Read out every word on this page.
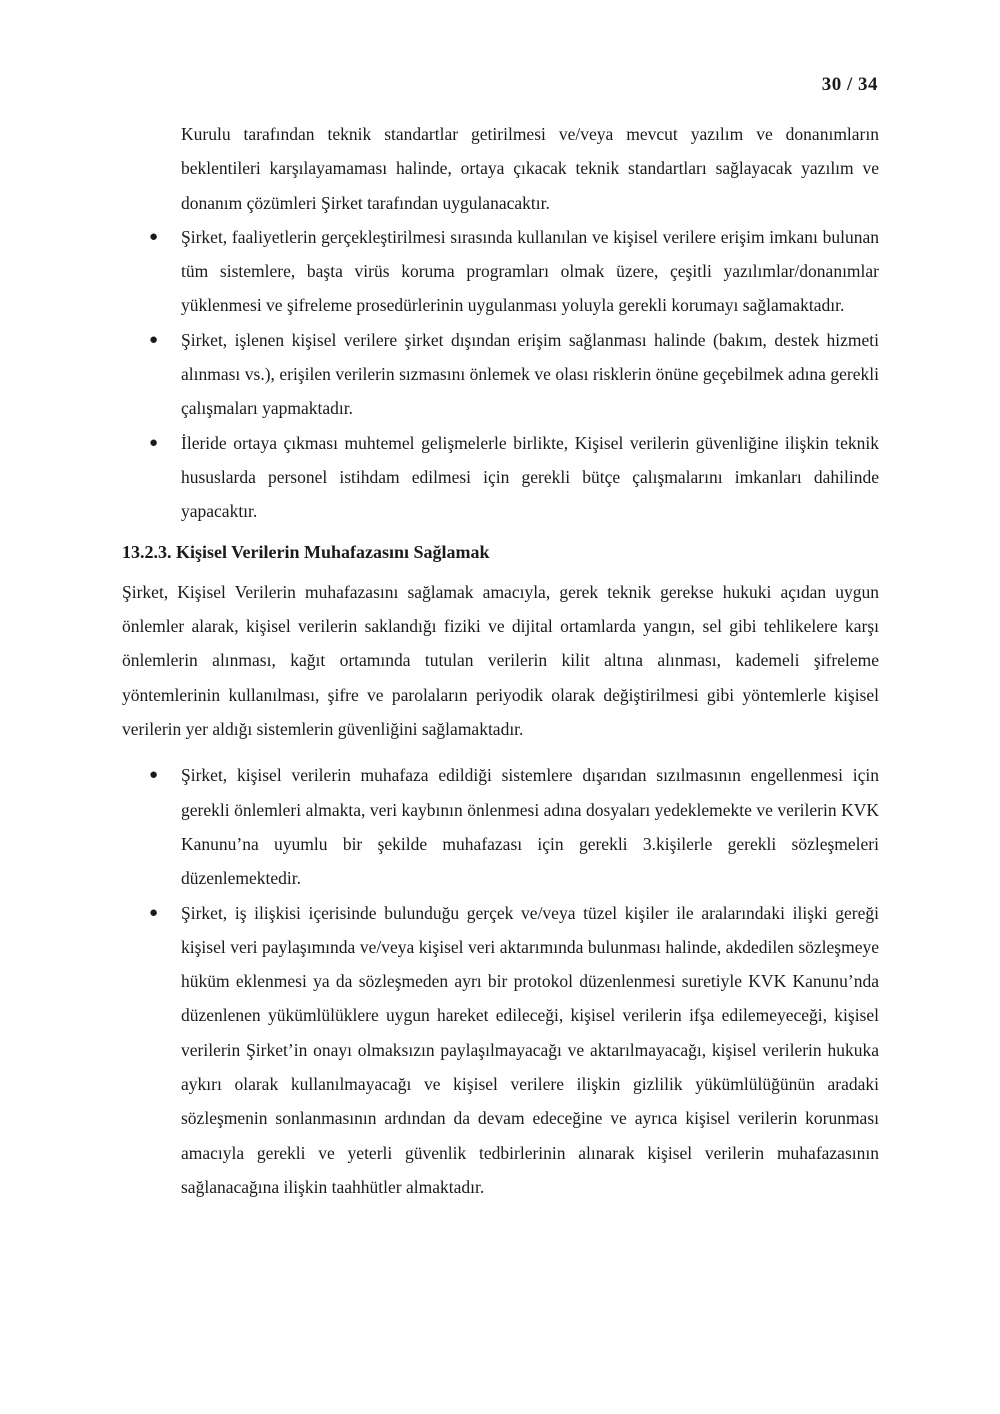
30 / 34

Kurulu tarafından teknik standartlar getirilmesi ve/veya mevcut yazılım ve donanımların beklentileri karşılayamaması halinde, ortaya çıkacak teknik standartları sağlayacak yazılım ve donanım çözümleri Şirket tarafından uygulanacaktır.

● Şirket, faaliyetlerin gerçekleştirilmesi sırasında kullanılan ve kişisel verilere erişim imkanı bulunan tüm sistemlere, başta virüs koruma programları olmak üzere, çeşitli yazılımlar/donanımlar yüklenmesi ve şifreleme prosedürlerinin uygulanması yoluyla gerekli korumayı sağlamaktadır.
● Şirket, işlenen kişisel verilere şirket dışından erişim sağlanması halinde (bakım, destek hizmeti alınması vs.), erişilen verilerin sızmasını önlemek ve olası risklerin önüne geçebilmek adına gerekli çalışmaları yapmaktadır.
● İleride ortaya çıkması muhtemel gelişmelerle birlikte, Kişisel verilerin güvenliğine ilişkin teknik hususlarda personel istihdam edilmesi için gerekli bütçe çalışmalarını imkanları dahilinde yapacaktır.
13.2.3. Kişisel Verilerin Muhafazasını Sağlamak

Şirket, Kişisel Verilerin muhafazasını sağlamak amacıyla, gerek teknik gerekse hukuki açıdan uygun önlemler alarak, kişisel verilerin saklandığı fiziki ve dijital ortamlarda yangın, sel gibi tehlikelere karşı önlemlerin alınması, kağıt ortamında tutulan verilerin kilit altına alınması, kademeli şifreleme yöntemlerinin kullanılması, şifre ve parolaların periyodik olarak değiştirilmesi gibi yöntemlerle kişisel verilerin yer aldığı sistemlerin güvenliğini sağlamaktadır.

● Şirket, kişisel verilerin muhafaza edildiği sistemlere dışarıdan sızılmasının engellenmesi için gerekli önlemleri almakta, veri kaybının önlenmesi adına dosyaları yedeklemekte ve verilerin KVK Kanunu’na uyumlu bir şekilde muhafazası için gerekli 3.kişilerle gerekli sözleşmeleri düzenlemektedir.
● Şirket, iş ilişkisi içerisinde bulunduğu gerçek ve/veya tüzel kişiler ile aralarındaki ilişki gereği kişisel veri paylaşımında ve/veya kişisel veri aktarımında bulunması halinde, akdedilen sözleşmeye hüküm eklenmesi ya da sözleşmeden ayrı bir protokol düzenlenmesi suretiyle KVK Kanunu’nda düzenlenen yükümlülüklere uygun hareket edileceği, kişisel verilerin ifşa edilemeyeceği, kişisel verilerin Şirket’in onayı olmaksızın paylaşılmayacağı ve aktarılmayacağı, kişisel verilerin hukuka aykırı olarak kullanılmayacağı ve kişisel verilere ilişkin gizlilik yükümlülüğünün aradaki sözleşmenin sonlanmasının ardından da devam edeceğine ve ayrıca kişisel verilerin korunması amacıyla gerekli ve yeterli güvenlik tedbirlerinin alınarak kişisel verilerin muhafazasının sağlanacağına ilişkin taahhütler almaktadır.
